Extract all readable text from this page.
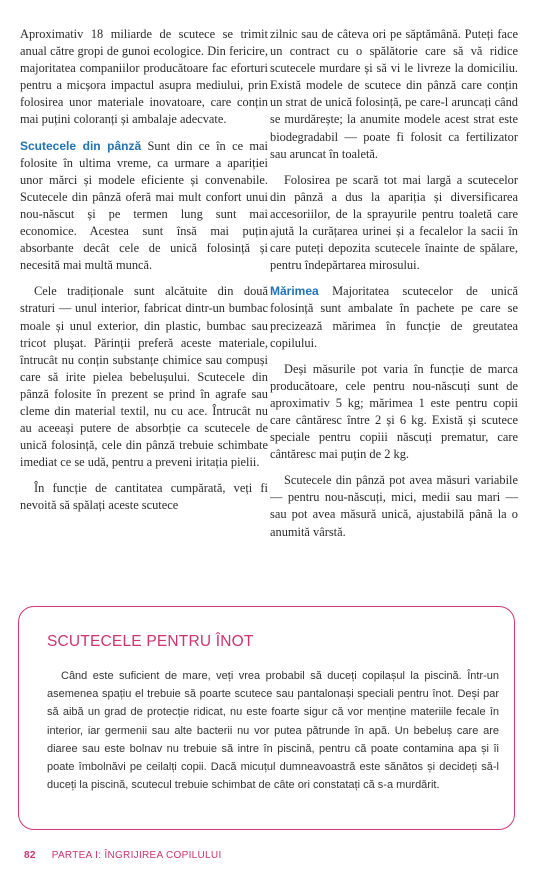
Aproximativ 18 miliarde de scutece se trimit anual către gropi de gunoi ecologice. Din fericire, majoritatea companiilor producătoare fac eforturi pentru a micșora impactul asupra mediului, prin folosirea unor materiale inovatoare, care conțin mai puțini coloranți și ambalaje adecvate.

Scutecele din pânză Sunt din ce în ce mai folosite în ultima vreme, ca urmare a apariției unor mărci și modele eficiente și convenabile. Scutecele din pânză oferă mai mult confort unui nou-născut și pe termen lung sunt mai economice. Acestea sunt însă mai puțin absorbante decât cele de unică folosință și necesită mai multă muncă.

Cele tradiționale sunt alcătuite din două straturi — unul interior, fabricat dintr-un bumbac moale și unul exterior, din plastic, bumbac sau tricot pluşat. Părinții preferă aceste materiale, întrucât nu conțin substanțe chimice sau compuși care să irite pielea bebelușului. Scutecele din pânză folosite în prezent se prind în agrafe sau cleme din material textil, nu cu ace. Întrucât nu au aceeași putere de absorbție ca scutecele de unică folosință, cele din pânză trebuie schimbate imediat ce se udă, pentru a preveni iritația pielii.

În funcție de cantitatea cumpărată, veți fi nevoită să spălați aceste scutece

zilnic sau de câteva ori pe săptămână. Puteți face un contract cu o spălătorie care să vă ridice scutecele murdare și să vi le livreze la domiciliu. Există modele de scutece din pânză care conțin un strat de unică folosință, pe care-l aruncați când se murdărește; la anumite modele acest strat este biodegradabil — poate fi folosit ca fertilizator sau aruncat în toaletă.

Folosirea pe scară tot mai largă a scutecelor din pânză a dus la apariția și diversificarea accesoriilor, de la sprayurile pentru toaletă care ajută la curățarea urinei și a fecalelor la sacii în care puteți depozita scutecele înainte de spălare, pentru îndepărtarea mirosului.

Mărimea Majoritatea scutecelor de unică folosință sunt ambalate în pachete pe care se precizează mărimea în funcție de greutatea copilului.

Deși măsurile pot varia în funcție de marca producătoare, cele pentru nou-născuți sunt de aproximativ 5 kg; mărimea 1 este pentru copii care cântăresc între 2 și 6 kg. Există și scutece speciale pentru copiii născuți prematur, care cântăresc mai puțin de 2 kg.

Scutecele din pânză pot avea măsuri variabile — pentru nou-născuți, mici, medii sau mari — sau pot avea măsură unică, ajustabilă până la o anumită vârstă.

SCUTECELE PENTRU ÎNOT
Când este suficient de mare, veți vrea probabil să duceți copilașul la piscină. Într-un asemenea spațiu el trebuie să poarte scutece sau pantalonași speciali pentru înot. Deși par să aibă un grad de protecție ridicat, nu este foarte sigur că vor menține materiile fecale în interior, iar germenii sau alte bacterii nu vor putea pătrunde în apă. Un bebeluș care are diaree sau este bolnav nu trebuie să intre în piscină, pentru că poate contamina apa și îi poate îmbolnăvi pe ceilalți copii. Dacă micuțul dumneavoastră este sănătos și decideți să-l duceți la piscină, scutecul trebuie schimbat de câte ori constatați că s-a murdărit.
82 PARTEA I: ÎNGRIJIREA COPILULUI
